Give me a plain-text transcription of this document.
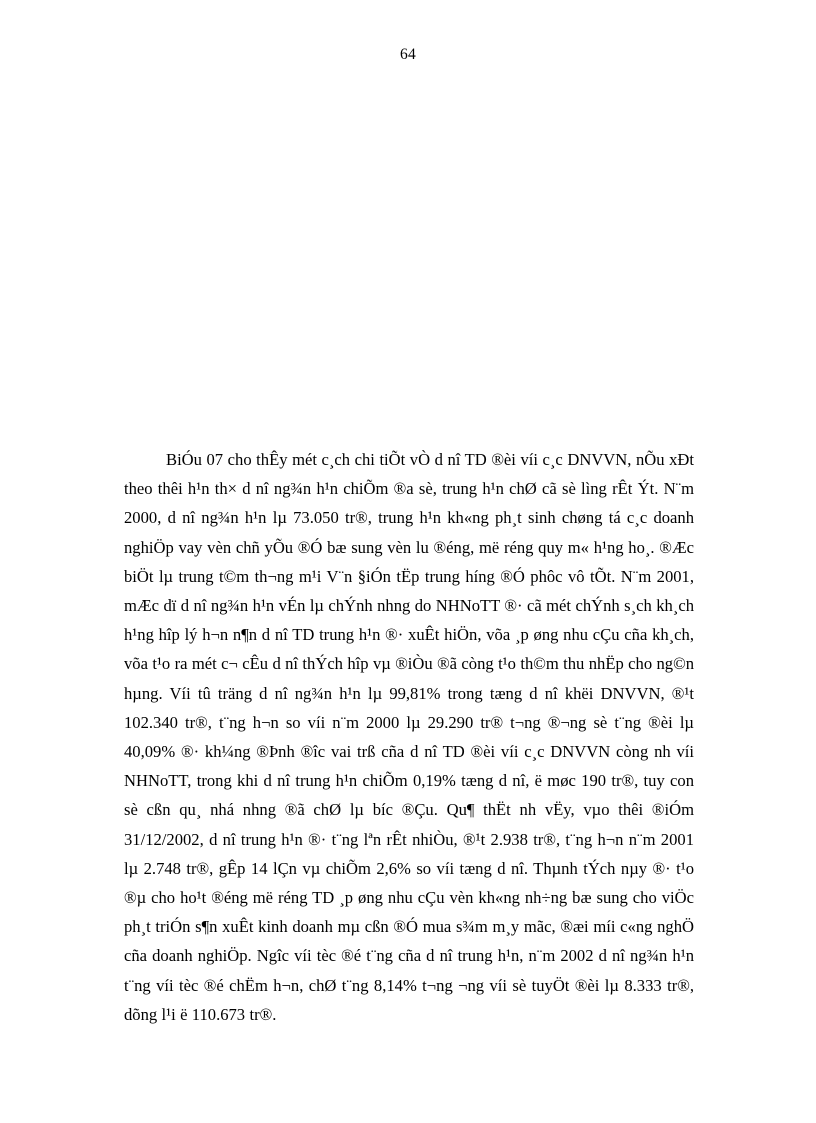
64

BiÓu 07 cho thÊy mét c¸ch chi tiÕt vÒ d nî TD ®èi víi c¸c DNVVN, nÕu xÐt theo thêi h¹n th× d nî ng¾n h¹n chiÕm ®a sè, trung h¹n chØ cã sè lìng rÊt Ýt. N¨m 2000, d nî ng¾n h¹n lµ 73.050 tr®, trung h¹n kh«ng ph¸t sinh chøng tá c¸c doanh nghiÖp vay vèn chñ yÕu ®Ó bæ sung vèn lu ®éng, më réng quy m« h¹ng ho¸. ®Æc biÖt lµ trung t©m th¬ng m¹i V¨n §iÓn tËp trung híng ®Ó phôc vô tÕt. N¨m 2001, mÆc dï d nî ng¾n h¹n vÉn lµ chÝnh nhng do NHNoTT ®· cã mét chÝnh s¸ch kh¸ch h¹ng hîp lý h¬n n¶n d nî TD trung h¹n ®· xuÊt hiÖn, võa ¸p øng nhu cÇu cña kh¸ch, võa t¹o ra mét c¬ cÊu d nî thÝch hîp vµ ®iÒu ®ã còng t¹o th©m thu nhËp cho ng©n hµng. Víi tû träng d nî ng¾n h¹n lµ 99,81% trong tæng d nî khëi DNVVN, ®¹t 102.340 tr®, t¨ng h¬n so víi n¨m 2000 lµ 29.290 tr® t¬ng ®¬ng sè t¨ng ®èi lµ 40,09% ®· kh¼ng ®Þnh ®îc vai trß cña d nî TD ®èi víi c¸c DNVVN còng nh víi NHNoTT, trong khi d nî trung h¹n chiÕm 0,19% tæng d nî, ë møc 190 tr®, tuy con sè cßn qu¸ nhá nhng ®ã chØ lµ bíc ®Çu. Qu¶ thËt nh vËy, vµo thêi ®iÓm 31/12/2002, d nî trung h¹n ®· t¨ng lªn rÊt nhiÒu, ®¹t 2.938 tr®, t¨ng h¬n n¨m 2001 lµ 2.748 tr®, gÊp 14 lÇn vµ chiÕm 2,6% so víi tæng d nî. Thµnh tÝch nµy ®· t¹o ®µ cho ho¹t ®éng më réng TD ¸p øng nhu cÇu vèn kh«ng nh÷ng bæ sung cho viÖc ph¸t triÓn s¶n xuÊt kinh doanh mµ cßn ®Ó mua s¾m m¸y mãc, ®æi míi c«ng nghÖ cña doanh nghiÖp. Ngîc víi tèc ®é t¨ng cña d nî trung h¹n, n¨m 2002 d nî ng¾n h¹n t¨ng víi tèc ®é chËm h¬n, chØ t¨ng 8,14% t¬ng ¬ng víi sè tuyÖt ®èi lµ 8.333 tr®, dõng l¹i ë 110.673 tr®.
